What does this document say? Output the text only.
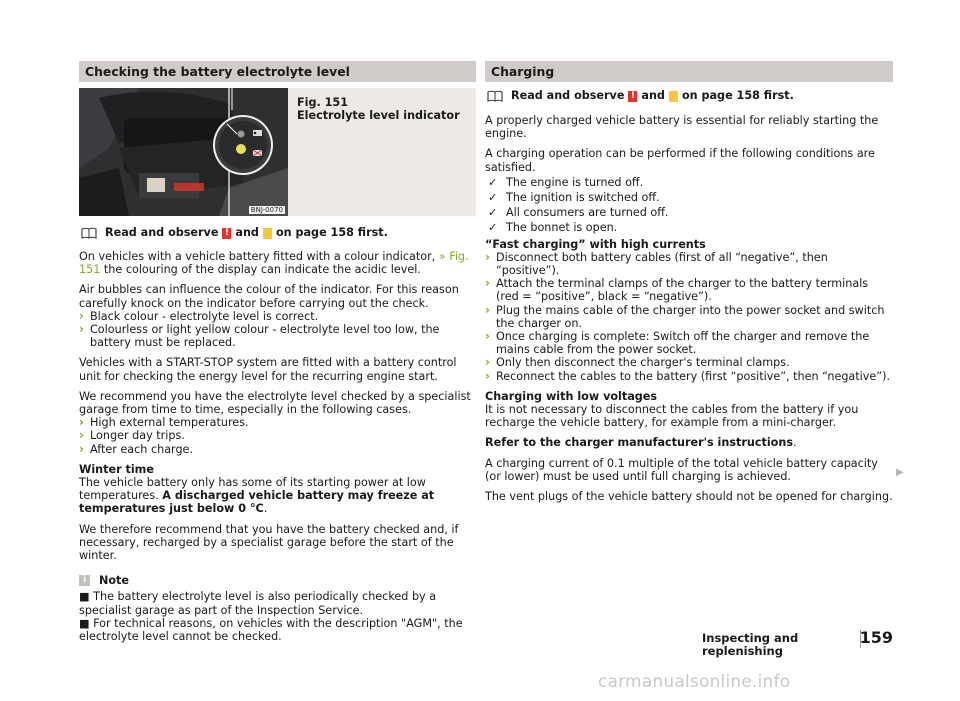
Checking the battery electrolyte level
BNJ-0070
Fig. 151
Electrolyte level indicator
Read and observe ! and ! on page 158 first.

On vehicles with a vehicle battery fitted with a colour indicator, » Fig. 151 the colouring of the display can indicate the acidic level.

Air bubbles can influence the colour of the indicator. For this reason carefully knock on the indicator before carrying out the check.
› Black colour - electrolyte level is correct.
› Colourless or light yellow colour - electrolyte level too low, the battery must be replaced.

Vehicles with a START-STOP system are fitted with a battery control unit for checking the energy level for the recurring engine start.

We recommend you have the electrolyte level checked by a specialist garage from time to time, especially in the following cases.
› High external temperatures.
› Longer day trips.
› After each charge.
Winter time

The vehicle battery only has some of its starting power at low temperatures. A discharged vehicle battery may freeze at temperatures just below 0 °C.

We therefore recommend that you have the battery checked and, if necessary, recharged by a specialist garage before the start of the winter.

i	Note
■ The battery electrolyte level is also periodically checked by a specialist garage as part of the Inspection Service.
■ For technical reasons, on vehicles with the description "AGM", the electrolyte level cannot be checked.
Charging
Read and observe ! and ! on page 158 first.

A properly charged vehicle battery is essential for reliably starting the engine.

A charging operation can be performed if the following conditions are satisfied.
✓ The engine is turned off.
✓ The ignition is switched off.
✓ All consumers are turned off.
✓ The bonnet is open.
“Fast charging” with high currents
› Disconnect both battery cables (first of all “negative”, then “positive”).
› Attach the terminal clamps of the charger to the battery terminals (red = “positive”, black = “negative”).
› Plug the mains cable of the charger into the power socket and switch the charger on.
› Once charging is complete: Switch off the charger and remove the mains cable from the power socket.
› Only then disconnect the charger's terminal clamps.
› Reconnect the cables to the battery (first “positive”, then “negative”).
Charging with low voltages

It is not necessary to disconnect the cables from the battery if you recharge the vehicle battery, for example from a mini-charger.

Refer to the charger manufacturer's instructions.

A charging current of 0.1 multiple of the total vehicle battery capacity (or lower) must be used until full charging is achieved.

The vent plugs of the vehicle battery should not be opened for charging.

▶
Inspecting and replenishing
159
carmanualsonline.info
